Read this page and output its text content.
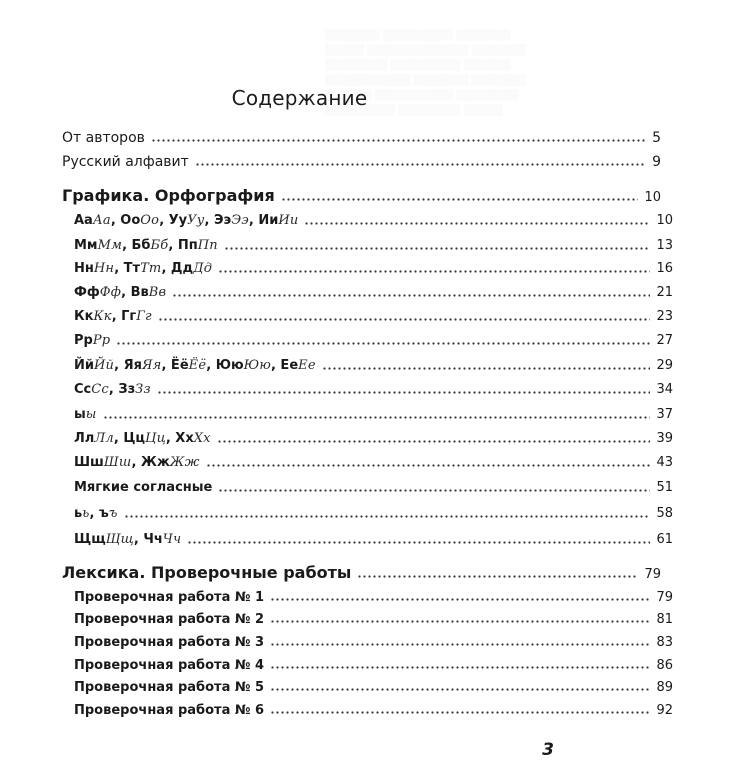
▒▒▒▒▒▒▒ ▒▒▒▒▒▒▒▒▒ ▒▒▒▒▒▒▒
▒▒▒▒▒ ▒▒▒▒▒▒▒▒▒▒▒▒▒ ▒▒▒▒▒▒▒
▒▒▒▒▒▒▒▒ ▒▒▒▒▒▒▒▒▒ ▒▒▒▒▒▒
▒▒▒▒▒▒▒▒▒▒▒ ▒▒▒▒▒▒▒ ▒▒▒▒▒▒▒
▒▒▒▒▒▒ ▒▒▒▒▒▒▒▒▒▒ ▒▒▒▒▒▒▒▒
▒▒▒▒▒▒▒▒▒ ▒▒▒▒▒▒▒▒ ▒▒▒▒▒
Содержание
От авторов	5
Русский алфавит	9
Графика. Орфография	10
Аа Аа , Оо Оо , Уу Уу , Ээ Ээ , Ии Ии	10
Мм Мм , Бб Бб , Пп Пп	13
Нн Нн , Тт Тт , Дд Дд	16
Фф Фф , Вв Вв	21
Кк Кк , Гг Гг	23
Рр Рр	27
Йй Йй , Яя Яя , Ёё Ёё , Юю Юю , Ее Ее	29
Сс Сс , Зз Зз	34
ы ы	37
Лл Лл , Цц Цц , Хх Хх	39
Шш Шш , Жж Жж	43
Мягкие согласные	51
ь ь , ъ ъ	58
Щщ Щщ , Чч Чч	61
Лексика. Проверочные работы	79
Проверочная работа № 1	79
Проверочная работа № 2	81
Проверочная работа № 3	83
Проверочная работа № 4	86
Проверочная работа № 5	89
Проверочная работа № 6	92
3
